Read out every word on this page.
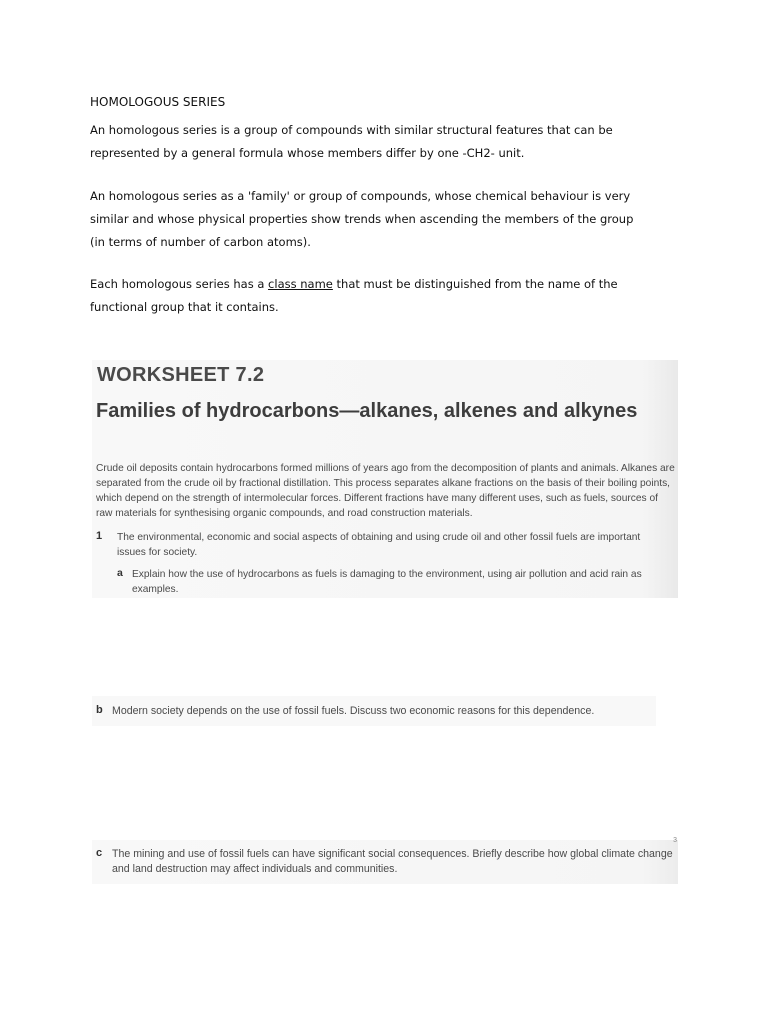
HOMOLOGOUS SERIES
An homologous series is a group of compounds with similar structural features that can be represented by a general formula whose members differ by one -CH2- unit.
An homologous series as a 'family' or group of compounds, whose chemical behaviour is very similar and whose physical properties show trends when ascending the members of the group (in terms of number of carbon atoms).
Each homologous series has a class name that must be distinguished from the name of the functional group that it contains.
WORKSHEET 7.2
Families of hydrocarbons—alkanes, alkenes and alkynes
Crude oil deposits contain hydrocarbons formed millions of years ago from the decomposition of plants and animals. Alkanes are separated from the crude oil by fractional distillation. This process separates alkane fractions on the basis of their boiling points, which depend on the strength of intermolecular forces. Different fractions have many different uses, such as fuels, sources of raw materials for synthesising organic compounds, and road construction materials.
1 The environmental, economic and social aspects of obtaining and using crude oil and other fossil fuels are important issues for society.
a Explain how the use of hydrocarbons as fuels is damaging to the environment, using air pollution and acid rain as examples.
b Modern society depends on the use of fossil fuels. Discuss two economic reasons for this dependence.
3
c The mining and use of fossil fuels can have significant social consequences. Briefly describe how global climate change and land destruction may affect individuals and communities.
